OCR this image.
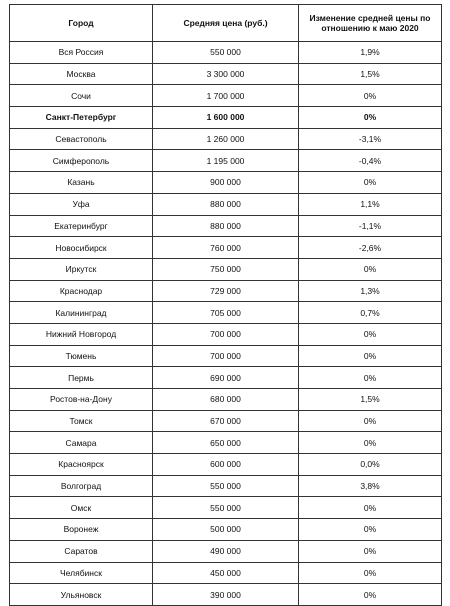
Город	Средняя цена (руб.)	Изменение средней цены по отношению к маю 2020
Вся Россия	550 000	1,9%
Москва	3 300 000	1,5%
Сочи	1 700 000	0%
Санкт-Петербург	1 600 000	0%
Севастополь	1 260 000	-3,1%
Симферополь	1 195 000	-0,4%
Казань	900 000	0%
Уфа	880 000	1,1%
Екатеринбург	880 000	-1,1%
Новосибирск	760 000	-2,6%
Иркутск	750 000	0%
Краснодар	729 000	1,3%
Калининград	705 000	0,7%
Нижний Новгород	700 000	0%
Тюмень	700 000	0%
Пермь	690 000	0%
Ростов-на-Дону	680 000	1,5%
Томск	670 000	0%
Самара	650 000	0%
Красноярск	600 000	0,0%
Волгоград	550 000	3,8%
Омск	550 000	0%
Воронеж	500 000	0%
Саратов	490 000	0%
Челябинск	450 000	0%
Ульяновск	390 000	0%
